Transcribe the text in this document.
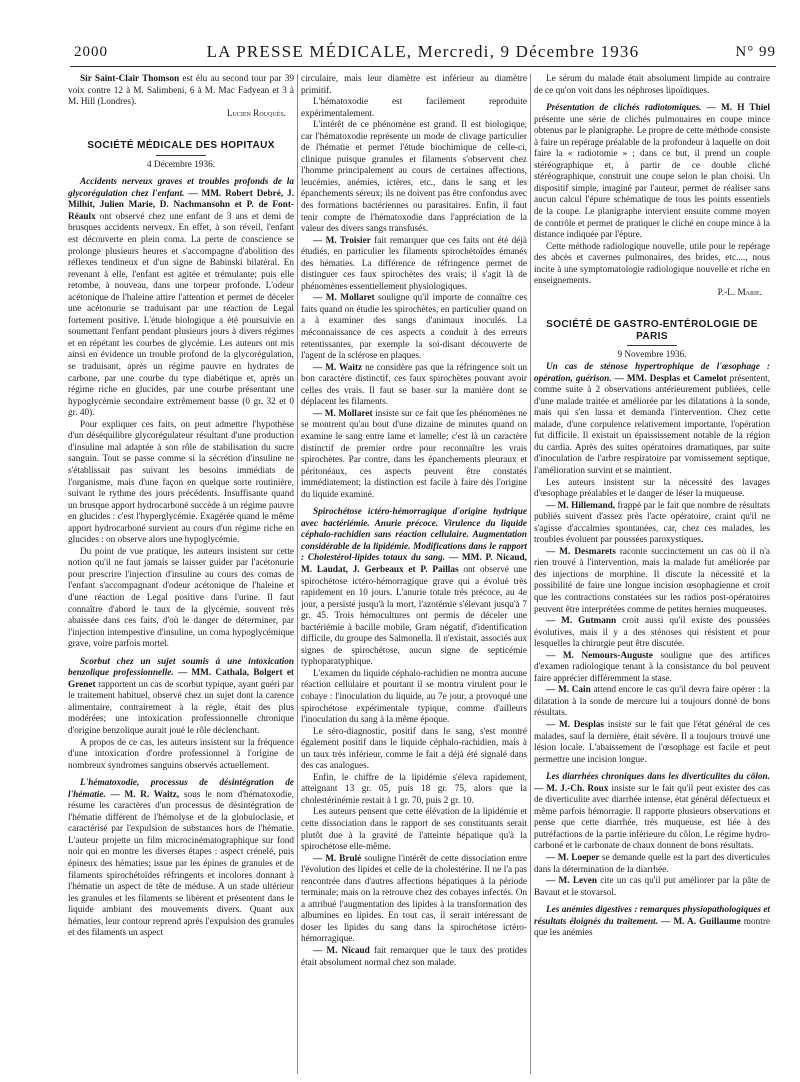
2000	LA PRESSE MÉDICALE, Mercredi, 9 Décembre 1936	N° 99

Sir Saint-Clair Thomson est élu au second tour par 39 voix contre 12 à M. Salimbeni, 6 à M. Mac Fadyean et 3 à M. Hill (Londres).

Lucien Rouquès.

SOCIÉTÉ MÉDICALE DES HOPITAUX

4 Décembre 1936.

Accidents nerveux graves et troubles profonds de la glycorégulation chez l'enfant. — MM. Robert Debré, J. Milhit, Julien Marie, D. Nachmansohn et P. de Font-Réaulx ont observé chez une enfant de 3 ans et demi de brusques accidents nerveux. En effet, à son réveil, l'enfant est découverte en plein coma. La perte de conscience se prolonge plusieurs heures et s'accompagne d'abolition des réflexes tendineux et d'un signe de Babinski bilatéral. En revenant à elle, l'enfant est agitée et trémulante; puis elle retombe, à nouveau, dans une torpeur profonde. L'odeur acétonique de l'haleine attire l'attention et permet de déceler une acétonurie se traduisant par une réaction de Legal fortement positive. L'étude biologique a été poursuivie en soumettant l'enfant pendant plusieurs jours à divers régimes et en répétant les courbes de glycémie. Les auteurs ont mis ainsi en évidence un trouble profond de la glycorégulation, se traduisant, après un régime pauvre en hydrates de carbone, par une courbe du type diabétique et, après un régime riche en glucides, par une courbe présentant une hypoglycémie secondaire extrêmement basse (0 gr. 32 et 0 gr. 40).

Pour expliquer ces faits, on peut admettre l'hypothèse d'un déséquilibre glycorégulateur résultant d'une production d'insuline mal adaptée à son rôle de stabilisation du sucre sanguin. Tout se passe comme si la sécrétion d'insuline ne s'établissait pas suivant les besoins immédiats de l'organisme, mais d'une façon en quelque sorte routinière, suivant le rythme des jours précédents. Insuffisante quand un brusque apport hydrocarboné succède à un régime pauvre en glucides : c'est l'hyperglycémie. Exagérée quand le même apport hydrocarboné survient au cours d'un régime riche en glucides : on observe alors une hypoglycémie.

Du point de vue pratique, les auteurs insistent sur cette notion qu'il ne faut jamais se laisser guider par l'acétonurie pour prescrire l'injection d'insuline au cours des comas de l'enfant s'accompagnant d'odeur acétonique de l'haleine et d'une réaction de Legal positive dans l'urine. Il faut connaître d'abord le taux de la glycémie, souvent très abaissée dans ces faits, d'où le danger de déterminer, par l'injection intempestive d'insuline, un coma hypoglycémique grave, voire parfois mortel.

Scorbut chez un sujet soumis à une intoxication benzolique professionnelle. — MM. Cathala, Bolgert et Grenet rapportent un cas de scorbut typique, ayant guéri par le traitement habituel, observé chez un sujet dont la carence alimentaire, contrairement à la règle, était des plus modérées; une intoxication professionnelle chronique d'origine benzolique aurait joué le rôle déclenchant.

A propos de ce cas, les auteurs insistent sur la fréquence d'une intoxication d'ordre professionnel à l'origine de nombreux syndromes sanguins observés actuellement.

L'hématoxodie, processus de désintégration de l'hématie. — M. R. Waitz, sous le nom d'hématoxodie, résume les caractères d'un processus de désintégration de l'hématie différent de l'hémolyse et de la globuloclasie, et caractérisé par l'expulsion de substances hors de l'hématie. L'auteur projette un film microcinématographique sur fond noir qui en montre les diverses étapes : aspect crénelé, puis épineux des hématies; issue par les épines de granules et de filaments spirochétoïdes réfringents et incolores donnant à l'hématie un aspect de tête de méduse. A un stade ultérieur les granules et les filaments se libèrent et présentent dans le liquide ambiant des mouvements divers. Quant aux hématies, leur contour reprend après l'expulsion des granules et des filaments un aspect

circulaire, mais leur diamètre est inférieur au diamètre primitif.

L'hématoxodie est facilement reproduite expérimentalement.

L'intérêt de ce phénomène est grand. Il est biologique, car l'hématoxodie représente un mode de clivage particulier de l'hématie et permet l'étude biochimique de celle-ci, clinique puisque granules et filaments s'observent chez l'homme principalement au cours de certaines affections, leucémies, anémies, ictères, etc., dans le sang et les épanchements séreux; ils ne doivent pas être confondus avec des formations bactériennes ou parasitaires. Enfin, il faut tenir compte de l'hématoxodie dans l'appréciation de la valeur des divers sangs transfusés.

— M. Troisier fait remarquer que ces faits ont été déjà étudiés, en particulier les filaments spirochétoïdes émanés des hématies. La différence de réfringence permet de distinguer ces faux spirochètes des vrais; il s'agit là de phénomènes essentiellement physiologiques.

— M. Mollaret souligne qu'il importe de connaître ces faits quand on étudie les spirochètes, en particulier quand on a à examiner des sangs d'animaux inoculés. La méconnaissance de ces aspects a conduit à des erreurs retentissantes, par exemple la soi-disant découverte de l'agent de la sclérose en plaques.

— M. Waitz ne considère pas que la réfringence soit un bon caractère distinctif, ces faux spirochètes pouvant avoir celles des vrais. Il faut se baser sur la manière dont se déplacent les filaments.

— M. Mollaret insiste sur ce fait que les phénomènes ne se montrent qu'au bout d'une dizaine de minutes quand on examine le sang entre lame et lamelle; c'est là un caractère distinctif de premier ordre pour reconnaître les vrais spirochètes. Par contre, dans les épanchements pleuraux et péritonéaux, ces aspects peuvent être constatés immédiatement; la distinction est facile à faire dès l'origine du liquide examiné.

Spirochétose ictéro-hémorragique d'origine hydrique avec bactériémie. Anurie précoce. Virulence du liquide céphalo-rachidien sans réaction cellulaire. Augmentation considérable de la lipidémie. Modifications dans le rapport : Cholestérol-lipides totaux du sang. — MM. P. Nicaud, M. Laudat, J. Gerbeaux et P. Paillas ont observé une spirochétose ictéro-hémorragique grave qui a évolué très rapidement en 10 jours. L'anurie totale très précoce, au 4e jour, a persisté jusqu'à la mort, l'azotémie s'élevant jusqu'à 7 gr. 45. Trois hémocultures ont permis de déceler une bactériémie à bacille mobile, Gram négatif, d'identification difficile, du groupe des Salmonella. Il n'existait, associés aux signes de spirochétose, aucun signe de septicémie typhoparatyphique.

L'examen du liquide céphalo-rachidien ne montra aucune réaction cellulaire et pourtant il se montra virulent pour le cobaye : l'inoculation du liquide, au 7e jour, a provoqué une spirochétose expérimentale typique, comme d'ailleurs l'inoculation du sang à la même époque.

Le séro-diagnostic, positif dans le sang, s'est montré également positif dans le liquide céphalo-rachidien, mais à un taux très inférieur, comme le fait a déjà été signalé dans des cas analogues.

Enfin, le chiffre de la lipidémie s'éleva rapidement, atteignant 13 gr. 05, puis 18 gr. 75, alors que la cholestérinémie restait à 1 gr. 70, puis 2 gr. 10.

Les auteurs pensent que cette élévation de la lipidémie et cette dissociation dans le rapport de ses constituants serait plutôt due à la gravité de l'atteinte hépatique qu'à la spirochétose elle-même.

— M. Brulé souligne l'intérêt de cette dissociation entre l'évolution des lipides et celle de la cholestérine. Il ne l'a pas rencontrée dans d'autres affections hépatiques à la période terminale; mais on la retrouve chez des cobayes infectés. On a attribué l'augmentation des lipides à la transformation des albumines en lipides. En tout cas, il serait intéressant de doser les lipides du sang dans la spirochétose ictéro-hémorragique.

— M. Nicaud fait remarquer que le taux des protides était absolument normal chez son malade.

Le sérum du malade était absolument limpide au contraire de ce qu'on voit dans les néphroses lipoïdiques.

Présentation de clichés radiotomiques. — M. H Thiel présente une série de clichés pulmonaires en coupe mince obtenus par le planigraphe. Le propre de cette méthode consiste à faire un repérage préalable de la profondeur à laquelle on doit faire la « radiotomie » ; dans ce but, il prend un couple stéréographique et, à partir de ce double cliché stéréographique, construit une coupe selon le plan choisi. Un dispositif simple, imaginé par l'auteur, permet de réaliser sans aucun calcul l'épure schématique de tous les points essentiels de la coupe. Le planigraphe intervient ensuite comme moyen de contrôle et permet de pratiquer le cliché en coupe mince à la distance indiquée par l'épure.

Cette méthode radiologique nouvelle, utile pour le repérage des abcès et cavernes pulmonaires, des brides, etc...., nous incite à une symptomatologie radiologique nouvelle et riche en enseignements.

P.-L. Marie.

SOCIÉTÉ DE GASTRO-ENTÉROLOGIE DE PARIS

9 Novembre 1936.

Un cas de sténose hypertrophique de l'œsophage : opération, guérison. — MM. Desplas et Camelot présentent, comme suite à 2 observations antérieurement publiées, celle d'une malade traitée et améliorée par les dilatations à la sonde, mais qui s'en lassa et demanda l'intervention. Chez cette malade, d'une corpulence relativement importante, l'opération fut difficile. Il existait un épaississement notable de la région du cardia. Après des suites opératoires dramatiques, par suite d'inoculation de l'arbre respiratoire par vomissement septique, l'amélioration survint et se maintient.

Les auteurs insistent sur la nécessité des lavages d'œsophage préalables et le danger de léser la muqueuse.

— M. Hillemand, frappé par le fait que nombre de résultats publiés suivent d'assez près l'acte opératoire, craint qu'il ne s'agisse d'accalmies spontanées, car, chez ces malades, les troubles évoluent par poussées paroxystiques.

— M. Desmarets raconte succinctement un cas où il n'a rien trouvé à l'intervention, mais la malade fut améliorée par des injections de morphine. Il discute la nécessité et la possibilité de faire une longue incision œsophagienne et croit que les contractions constatées sur les radios post-opératoires peuvent être interprétées comme de petites hernies muqueuses.

— M. Gutmann croit aussi qu'il existe des poussées évolutives, mais il y a des sténoses qui résistent et pour lesquelles la chirurgie peut être discutée.

— M. Nemours-Auguste souligne que des artifices d'examen radiologique tenant à la consistance du bol peuvent faire apprécier différemment la stase.

— M. Cain attend encore le cas qu'il devra faire opérer : la dilatation à la sonde de mercure lui a toujours donné de bons résultats.

— M. Desplas insiste sur le fait que l'état général de ces malades, sauf la dernière, était sévère. Il a toujours trouvé une lésion locale. L'abaissement de l'œsophage est facile et peut permettre une incision longue.

Les diarrhées chroniques dans les diverticulites du côlon. — M. J.-Ch. Roux insiste sur le fait qu'il peut exister des cas de diverticulite avec diarrhée intense, état général défectueux et même parfois hémorragie. Il rapporte plusieurs observations et pense que cette diarrhée, très muqueuse, est liée à des putréfactions de la partie inférieure du côlon. Le régime hydro-carboné et le carbonate de chaux donnent de bons résultats.

— M. Loeper se demande quelle est la part des diverticules dans la détermination de la diarrhée.

— M. Leven cite un cas qu'il put améliorer par la pâte de Bavaut et le stovarsol.

Les anémies digestives : remarques physiopathologiques et résultats éloignés du traitement. — M. A. Guillaume montre que les anémies
